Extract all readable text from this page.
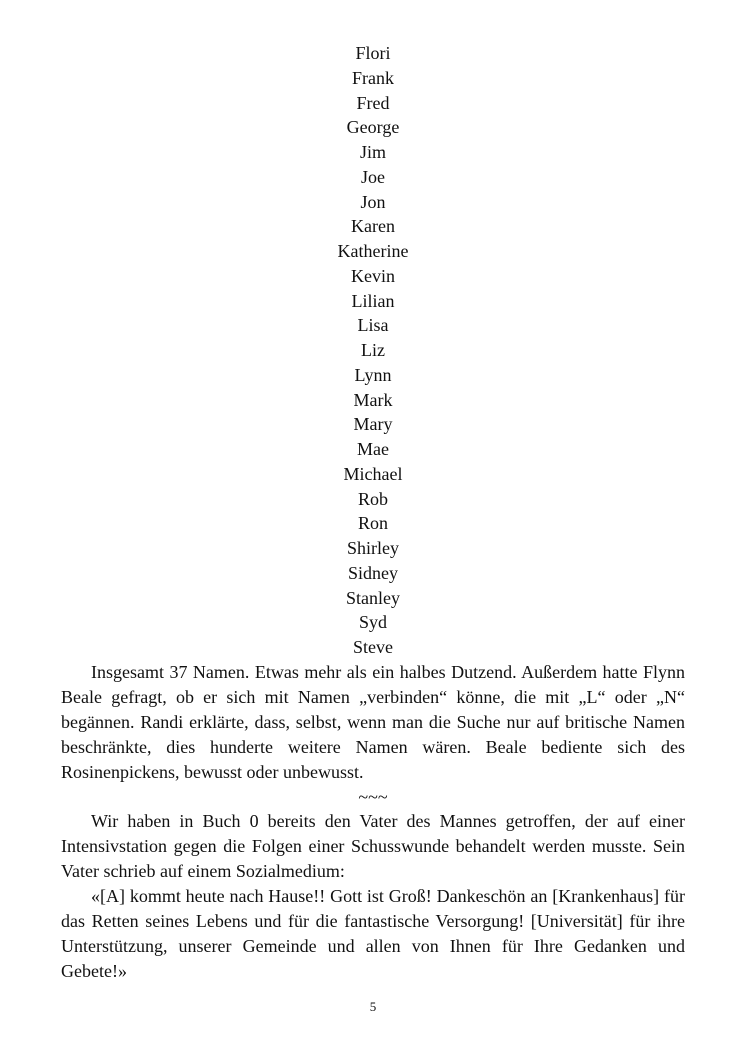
Flori
Frank
Fred
George
Jim
Joe
Jon
Karen
Katherine
Kevin
Lilian
Lisa
Liz
Lynn
Mark
Mary
Mae
Michael
Rob
Ron
Shirley
Sidney
Stanley
Syd
Steve

Insgesamt 37 Namen. Etwas mehr als ein halbes Dutzend. Außerdem hatte Flynn Beale gefragt, ob er sich mit Namen „verbinden“ könne, die mit „L“ oder „N“ begännen. Randi erklärte, dass, selbst, wenn man die Suche nur auf britische Namen beschränkte, dies hunderte weitere Namen wären. Beale bediente sich des Rosinenpickens, bewusst oder unbewusst.

~~~

Wir haben in Buch 0 bereits den Vater des Mannes getroffen, der auf einer Intensivstation gegen die Folgen einer Schusswunde behandelt werden musste. Sein Vater schrieb auf einem Sozialmedium:

«[A] kommt heute nach Hause!! Gott ist Groß! Dankeschön an [Krankenhaus] für das Retten seines Lebens und für die fantastische Versorgung! [Universität] für ihre Unterstützung, unserer Gemeinde und allen von Ihnen für Ihre Gedanken und Gebete!»

5
